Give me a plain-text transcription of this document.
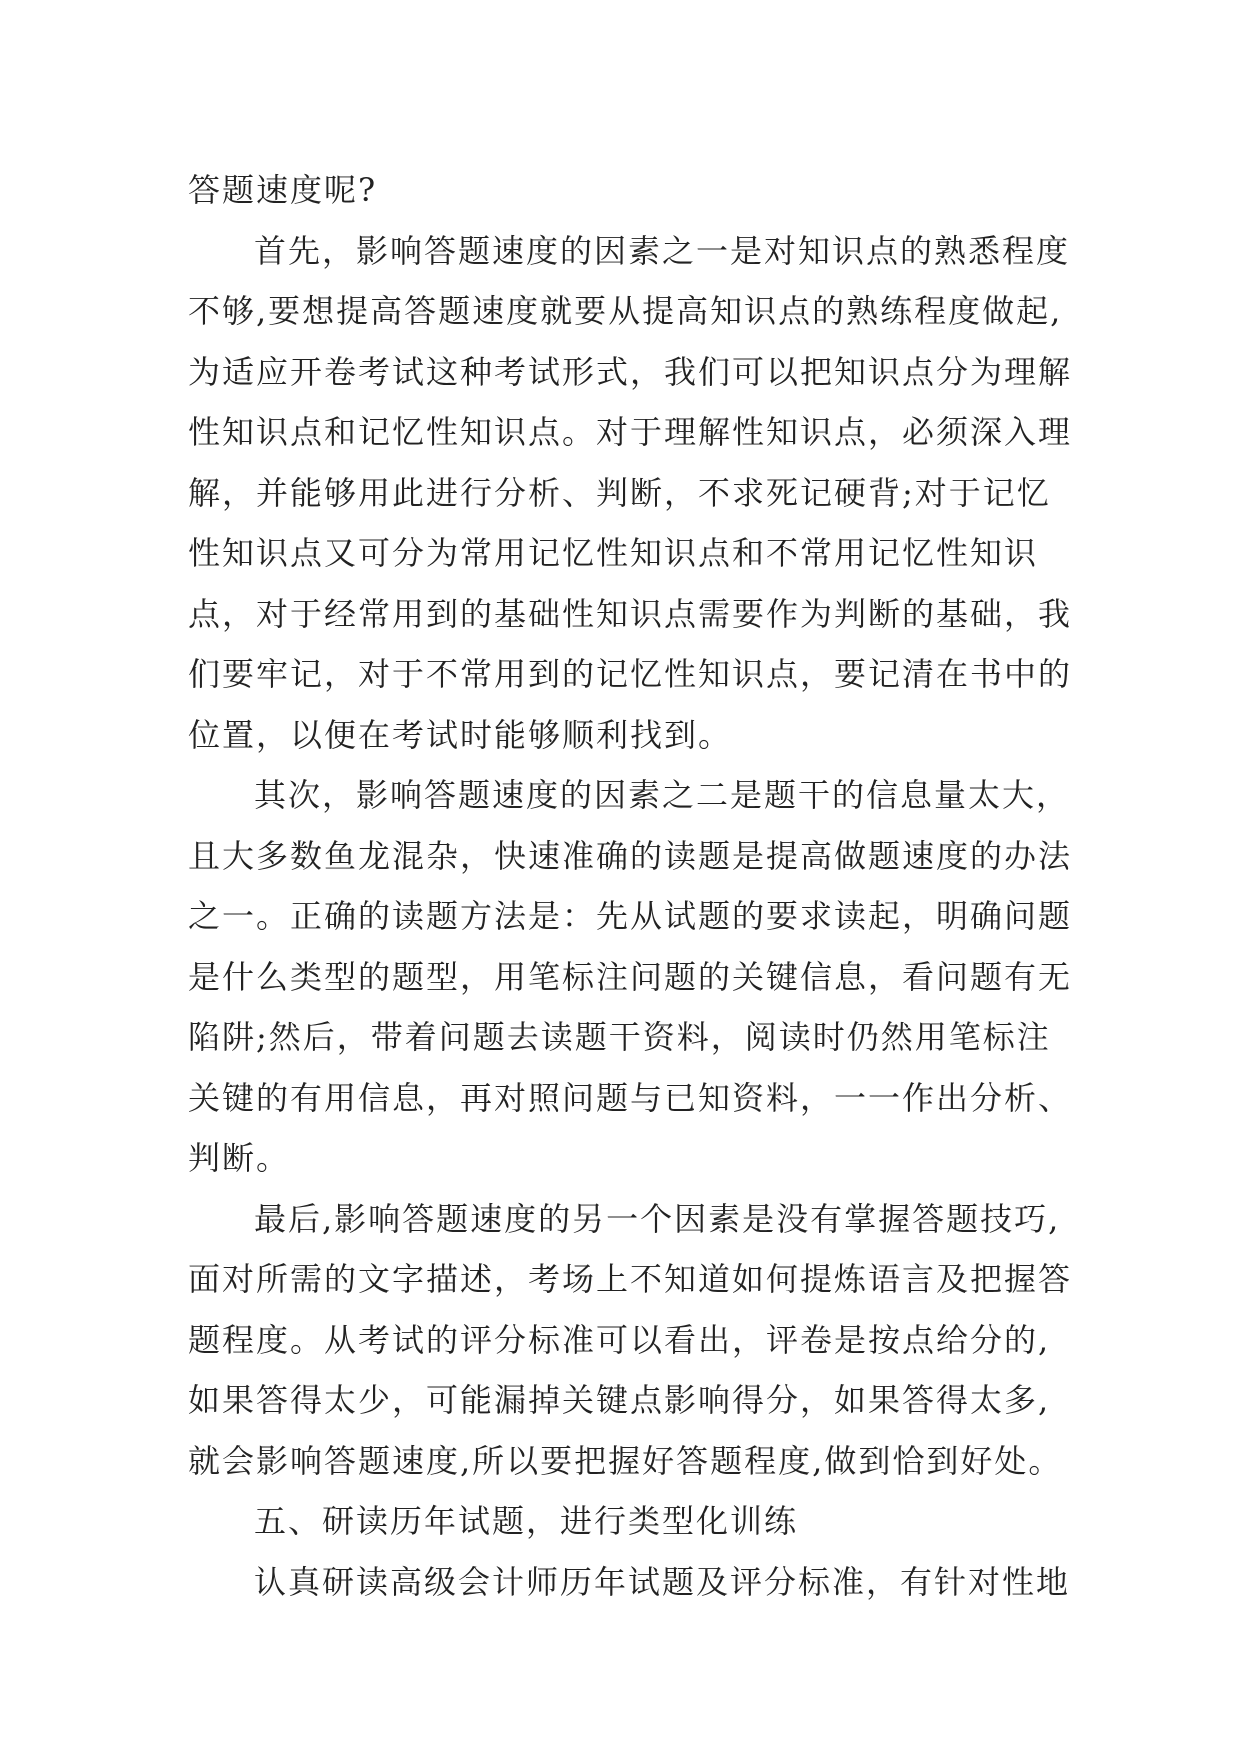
答题速度呢?
首先，影响答题速度的因素之一是对知识点的熟悉程度
不够,要想提高答题速度就要从提高知识点的熟练程度做起,
为适应开卷考试这种考试形式，我们可以把知识点分为理解
性知识点和记忆性知识点。对于理解性知识点，必须深入理
解，并能够用此进行分析、判断，不求死记硬背;对于记忆
性知识点又可分为常用记忆性知识点和不常用记忆性知识
点，对于经常用到的基础性知识点需要作为判断的基础，我
们要牢记，对于不常用到的记忆性知识点，要记清在书中的
位置，以便在考试时能够顺利找到。
其次，影响答题速度的因素之二是题干的信息量太大，
且大多数鱼龙混杂，快速准确的读题是提高做题速度的办法
之一。正确的读题方法是：先从试题的要求读起，明确问题
是什么类型的题型，用笔标注问题的关键信息，看问题有无
陷阱;然后，带着问题去读题干资料，阅读时仍然用笔标注
关键的有用信息，再对照问题与已知资料，一一作出分析、
判断。
最后,影响答题速度的另一个因素是没有掌握答题技巧,
面对所需的文字描述，考场上不知道如何提炼语言及把握答
题程度。从考试的评分标准可以看出，评卷是按点给分的,
如果答得太少，可能漏掉关键点影响得分，如果答得太多,
就会影响答题速度,所以要把握好答题程度,做到恰到好处。
五、研读历年试题，进行类型化训练
认真研读高级会计师历年试题及评分标准，有针对性地
